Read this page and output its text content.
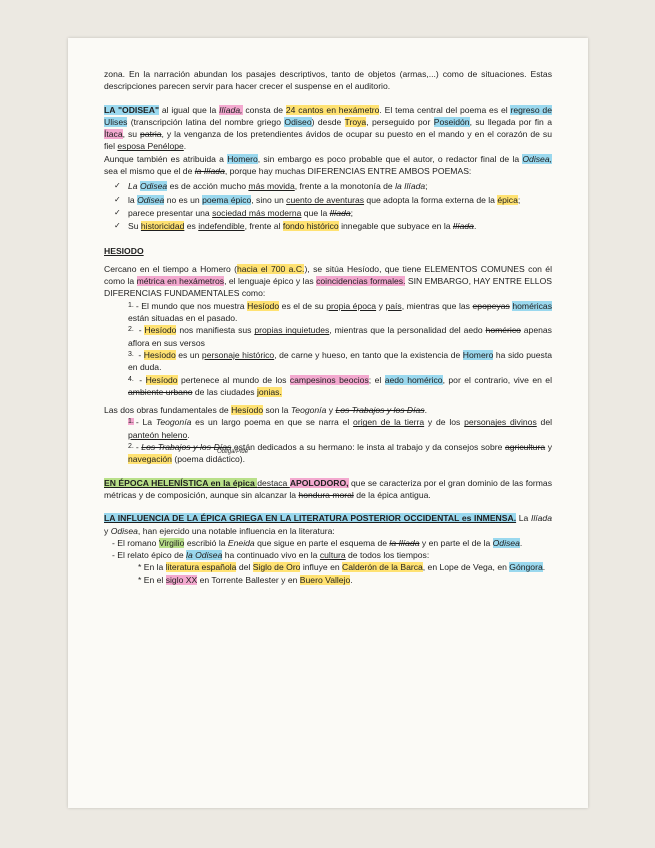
zona. En la narración abundan los pasajes descriptivos, tanto de objetos (armas,...) como de situaciones. Estas descripciones parecen servir para hacer crecer el suspense en el auditorio.

LA "ODISEA" al igual que la Ilíada, consta de 24 cantos en hexámetro. El tema central del poema es el regreso de Ulises (transcripción latina del nombre griego Odiseo) desde Troya, perseguido por Poseidón, su llegada por fin a Ítaca, su patria, y la venganza de los pretendientes ávidos de ocupar su puesto en el mando y en el corazón de su fiel esposa Penélope.

Aunque también es atribuida a Homero, sin embargo es poco probable que el autor, o redactor final de la Odisea, sea el mismo que el de la Ilíada, porque hay muchas DIFERENCIAS ENTRE AMBOS POEMAS:

✓ La Odisea es de acción mucho más movida, frente a la monotonía de la Ilíada;
✓ la Odisea no es un poema épico, sino un cuento de aventuras que adopta la forma externa de la épica;
✓ parece presentar una sociedad más moderna que la Ilíada;
✓ Su historicidad es indefendible, frente al fondo histórico innegable que subyace en la Ilíada.

HESIODO

Cercano en el tiempo a Homero (hacia el 700 a.C.), se sitúa Hesíodo, que tiene ELEMENTOS COMUNES con él como la métrica en hexámetros, el lenguaje épico y las coincidencias formales. SIN EMBARGO, HAY ENTRE ELLOS DIFERENCIAS FUNDAMENTALES como:

$^{1.}$ - El mundo que nos muestra Hesíodo es el de su propia época y país, mientras que las epopeyas homéricas están situadas en el pasado.

$^{2.}$ - Hesíodo nos manifiesta sus propias inquietudes, mientras que la personalidad del aedo homérico apenas aflora en sus versos

$^{3.}$ - Hesíodo es un personaje histórico, de carne y hueso, en tanto que la existencia de Homero ha sido puesta en duda.

$^{4.}$ - Hesíodo pertenece al mundo de los campesinos beocios; el aedo homérico, por el contrario, vive en el ambiente urbano de las ciudades jonias.

Las dos obras fundamentales de Hesíodo son la Teogonía y Los Trabajos y los Días.

$^{1.}$ - La Teogonía es un largo poema en que se narra el origen de la tierra y de los personajes divinos del panteón heleno.

$^{2.}$ - Los Trabajos y los Días están dedicados a su hermano: le insta al trabajo y da consejos sobre agricultura y navegación (poema didáctico).
Obliga/Pide

EN ÉPOCA HELENÍSTICA en la épica destaca APOLODORO, que se caracteriza por el gran dominio de las formas métricas y de composición, aunque sin alcanzar la hondura moral de la épica antigua.

LA INFLUENCIA DE LA ÉPICA GRIEGA EN LA LITERATURA POSTERIOR OCCIDENTAL es INMENSA. La Ilíada y Odisea, han ejercido una notable influencia en la literatura:

- El romano Virgilio escribió la Eneida que sigue en parte el esquema de la Ilíada y en parte el de la Odisea.

- El relato épico de la Odisea ha continuado vivo en la cultura de todos los tiempos:

* En la literatura española del Siglo de Oro influye en Calderón de la Barca, en Lope de Vega, en Góngora.

* En el siglo XX en Torrente Ballester y en Buero Vallejo.
